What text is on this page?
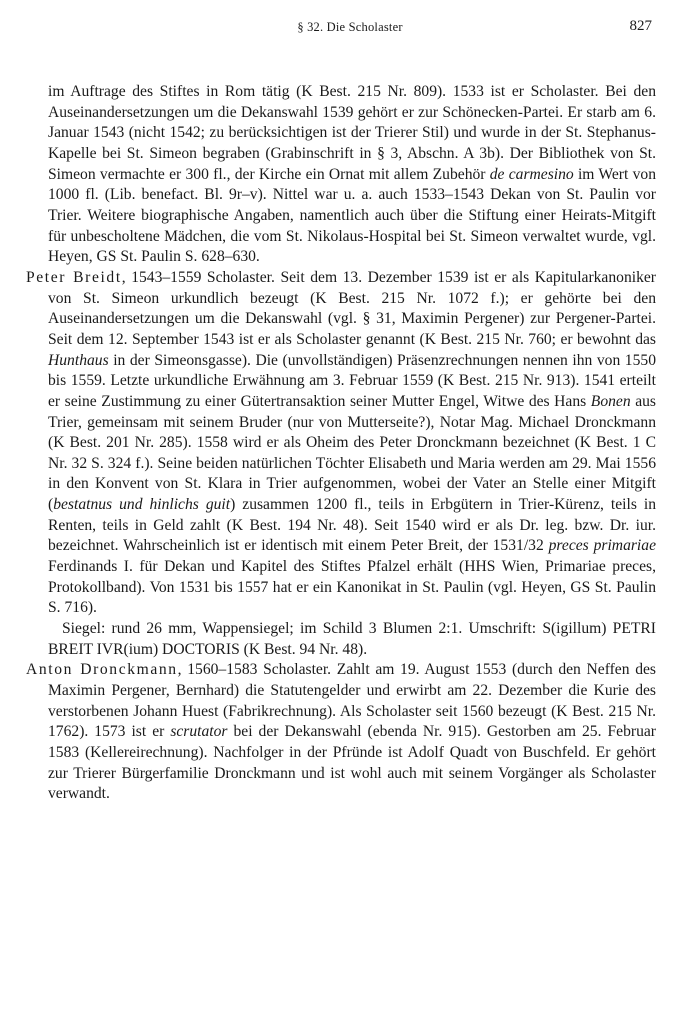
§ 32. Die Scholaster	827

im Auftrage des Stiftes in Rom tätig (K Best. 215 Nr. 809). 1533 ist er Scholaster. Bei den Auseinandersetzungen um die Dekanswahl 1539 gehört er zur Schönecken-Partei. Er starb am 6. Januar 1543 (nicht 1542; zu berücksichtigen ist der Trierer Stil) und wurde in der St. Stephanus-Kapelle bei St. Simeon begraben (Grabinschrift in § 3, Abschn. A 3b). Der Bibliothek von St. Simeon vermachte er 300 fl., der Kirche ein Ornat mit allem Zubehör de carmesino im Wert von 1000 fl. (Lib. benefact. Bl. 9r–v). Nittel war u. a. auch 1533–1543 Dekan von St. Paulin vor Trier. Weitere biographische Angaben, namentlich auch über die Stiftung einer Heirats-Mitgift für unbescholtene Mädchen, die vom St. Nikolaus-Hospital bei St. Simeon verwaltet wurde, vgl. Heyen, GS St. Paulin S. 628–630.

Peter Breidt, 1543–1559 Scholaster. Seit dem 13. Dezember 1539 ist er als Kapitularkanoniker von St. Simeon urkundlich bezeugt (K Best. 215 Nr. 1072 f.); er gehörte bei den Auseinandersetzungen um die Dekanswahl (vgl. § 31, Maximin Pergener) zur Pergener-Partei. Seit dem 12. September 1543 ist er als Scholaster genannt (K Best. 215 Nr. 760; er bewohnt das Hunthaus in der Simeonsgasse). Die (unvollständigen) Präsenzrechnungen nennen ihn von 1550 bis 1559. Letzte urkundliche Erwähnung am 3. Februar 1559 (K Best. 215 Nr. 913). 1541 erteilt er seine Zustimmung zu einer Gütertransaktion seiner Mutter Engel, Witwe des Hans Bonen aus Trier, gemeinsam mit seinem Bruder (nur von Mutterseite?), Notar Mag. Michael Dronckmann (K Best. 201 Nr. 285). 1558 wird er als Oheim des Peter Dronckmann bezeichnet (K Best. 1 C Nr. 32 S. 324 f.). Seine beiden natürlichen Töchter Elisabeth und Maria werden am 29. Mai 1556 in den Konvent von St. Klara in Trier aufgenommen, wobei der Vater an Stelle einer Mitgift (bestatnus und hinlichs guit) zusammen 1200 fl., teils in Erbgütern in Trier-Kürenz, teils in Renten, teils in Geld zahlt (K Best. 194 Nr. 48). Seit 1540 wird er als Dr. leg. bzw. Dr. iur. bezeichnet. Wahrscheinlich ist er identisch mit einem Peter Breit, der 1531/32 preces primariae Ferdinands I. für Dekan und Kapitel des Stiftes Pfalzel erhält (HHS Wien, Primariae preces, Protokollband). Von 1531 bis 1557 hat er ein Kanonikat in St. Paulin (vgl. Heyen, GS St. Paulin S. 716).

Siegel: rund 26 mm, Wappensiegel; im Schild 3 Blumen 2:1. Umschrift: S(igillum) PETRI BREIT IVR(ium) DOCTORIS (K Best. 94 Nr. 48).

Anton Dronckmann, 1560–1583 Scholaster. Zahlt am 19. August 1553 (durch den Neffen des Maximin Pergener, Bernhard) die Statutengelder und erwirbt am 22. Dezember die Kurie des verstorbenen Johann Huest (Fabrikrechnung). Als Scholaster seit 1560 bezeugt (K Best. 215 Nr. 1762). 1573 ist er scrutator bei der Dekanswahl (ebenda Nr. 915). Gestorben am 25. Februar 1583 (Kellereirechnung). Nachfolger in der Pfründe ist Adolf Quadt von Buschfeld. Er gehört zur Trierer Bürgerfamilie Dronckmann und ist wohl auch mit seinem Vorgänger als Scholaster verwandt.
